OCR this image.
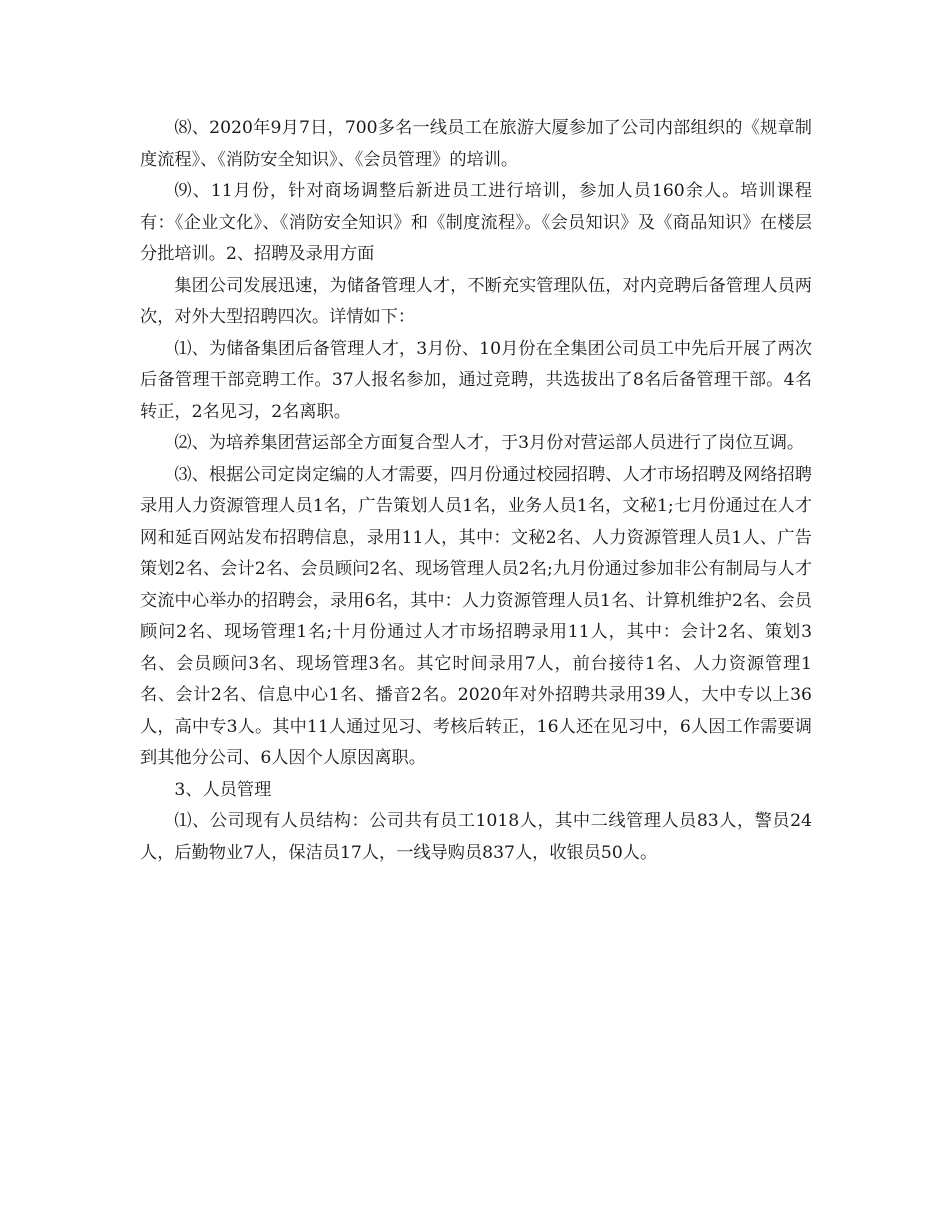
⑻、2020年9月7日，700多名一线员工在旅游大厦参加了公司内部组织的《规章制度流程》、《消防安全知识》、《会员管理》的培训。

⑼、11月份，针对商场调整后新进员工进行培训，参加人员160余人。培训课程有：《企业文化》、《消防安全知识》和《制度流程》。《会员知识》及《商品知识》在楼层分批培训。2、招聘及录用方面

集团公司发展迅速，为储备管理人才，不断充实管理队伍，对内竞聘后备管理人员两次，对外大型招聘四次。详情如下：

⑴、为储备集团后备管理人才，3月份、10月份在全集团公司员工中先后开展了两次后备管理干部竞聘工作。37人报名参加，通过竞聘，共选拔出了8名后备管理干部。4名转正，2名见习，2名离职。

⑵、为培养集团营运部全方面复合型人才，于3月份对营运部人员进行了岗位互调。

⑶、根据公司定岗定编的人才需要，四月份通过校园招聘、人才市场招聘及网络招聘录用人力资源管理人员1名，广告策划人员1名，业务人员1名，文秘1;七月份通过在人才网和延百网站发布招聘信息，录用11人，其中：文秘2名、人力资源管理人员1人、广告策划2名、会计2名、会员顾问2名、现场管理人员2名;九月份通过参加非公有制局与人才交流中心举办的招聘会，录用6名，其中：人力资源管理人员1名、计算机维护2名、会员顾问2名、现场管理1名;十月份通过人才市场招聘录用11人，其中：会计2名、策划3名、会员顾问3名、现场管理3名。其它时间录用7人，前台接待1名、人力资源管理1名、会计2名、信息中心1名、播音2名。2020年对外招聘共录用39人，大中专以上36人，高中专3人。其中11人通过见习、考核后转正，16人还在见习中，6人因工作需要调到其他分公司、6人因个人原因离职。

3、人员管理

⑴、公司现有人员结构：公司共有员工1018人，其中二线管理人员83人，警员24人，后勤物业7人，保洁员17人，一线导购员837人，收银员50人。
